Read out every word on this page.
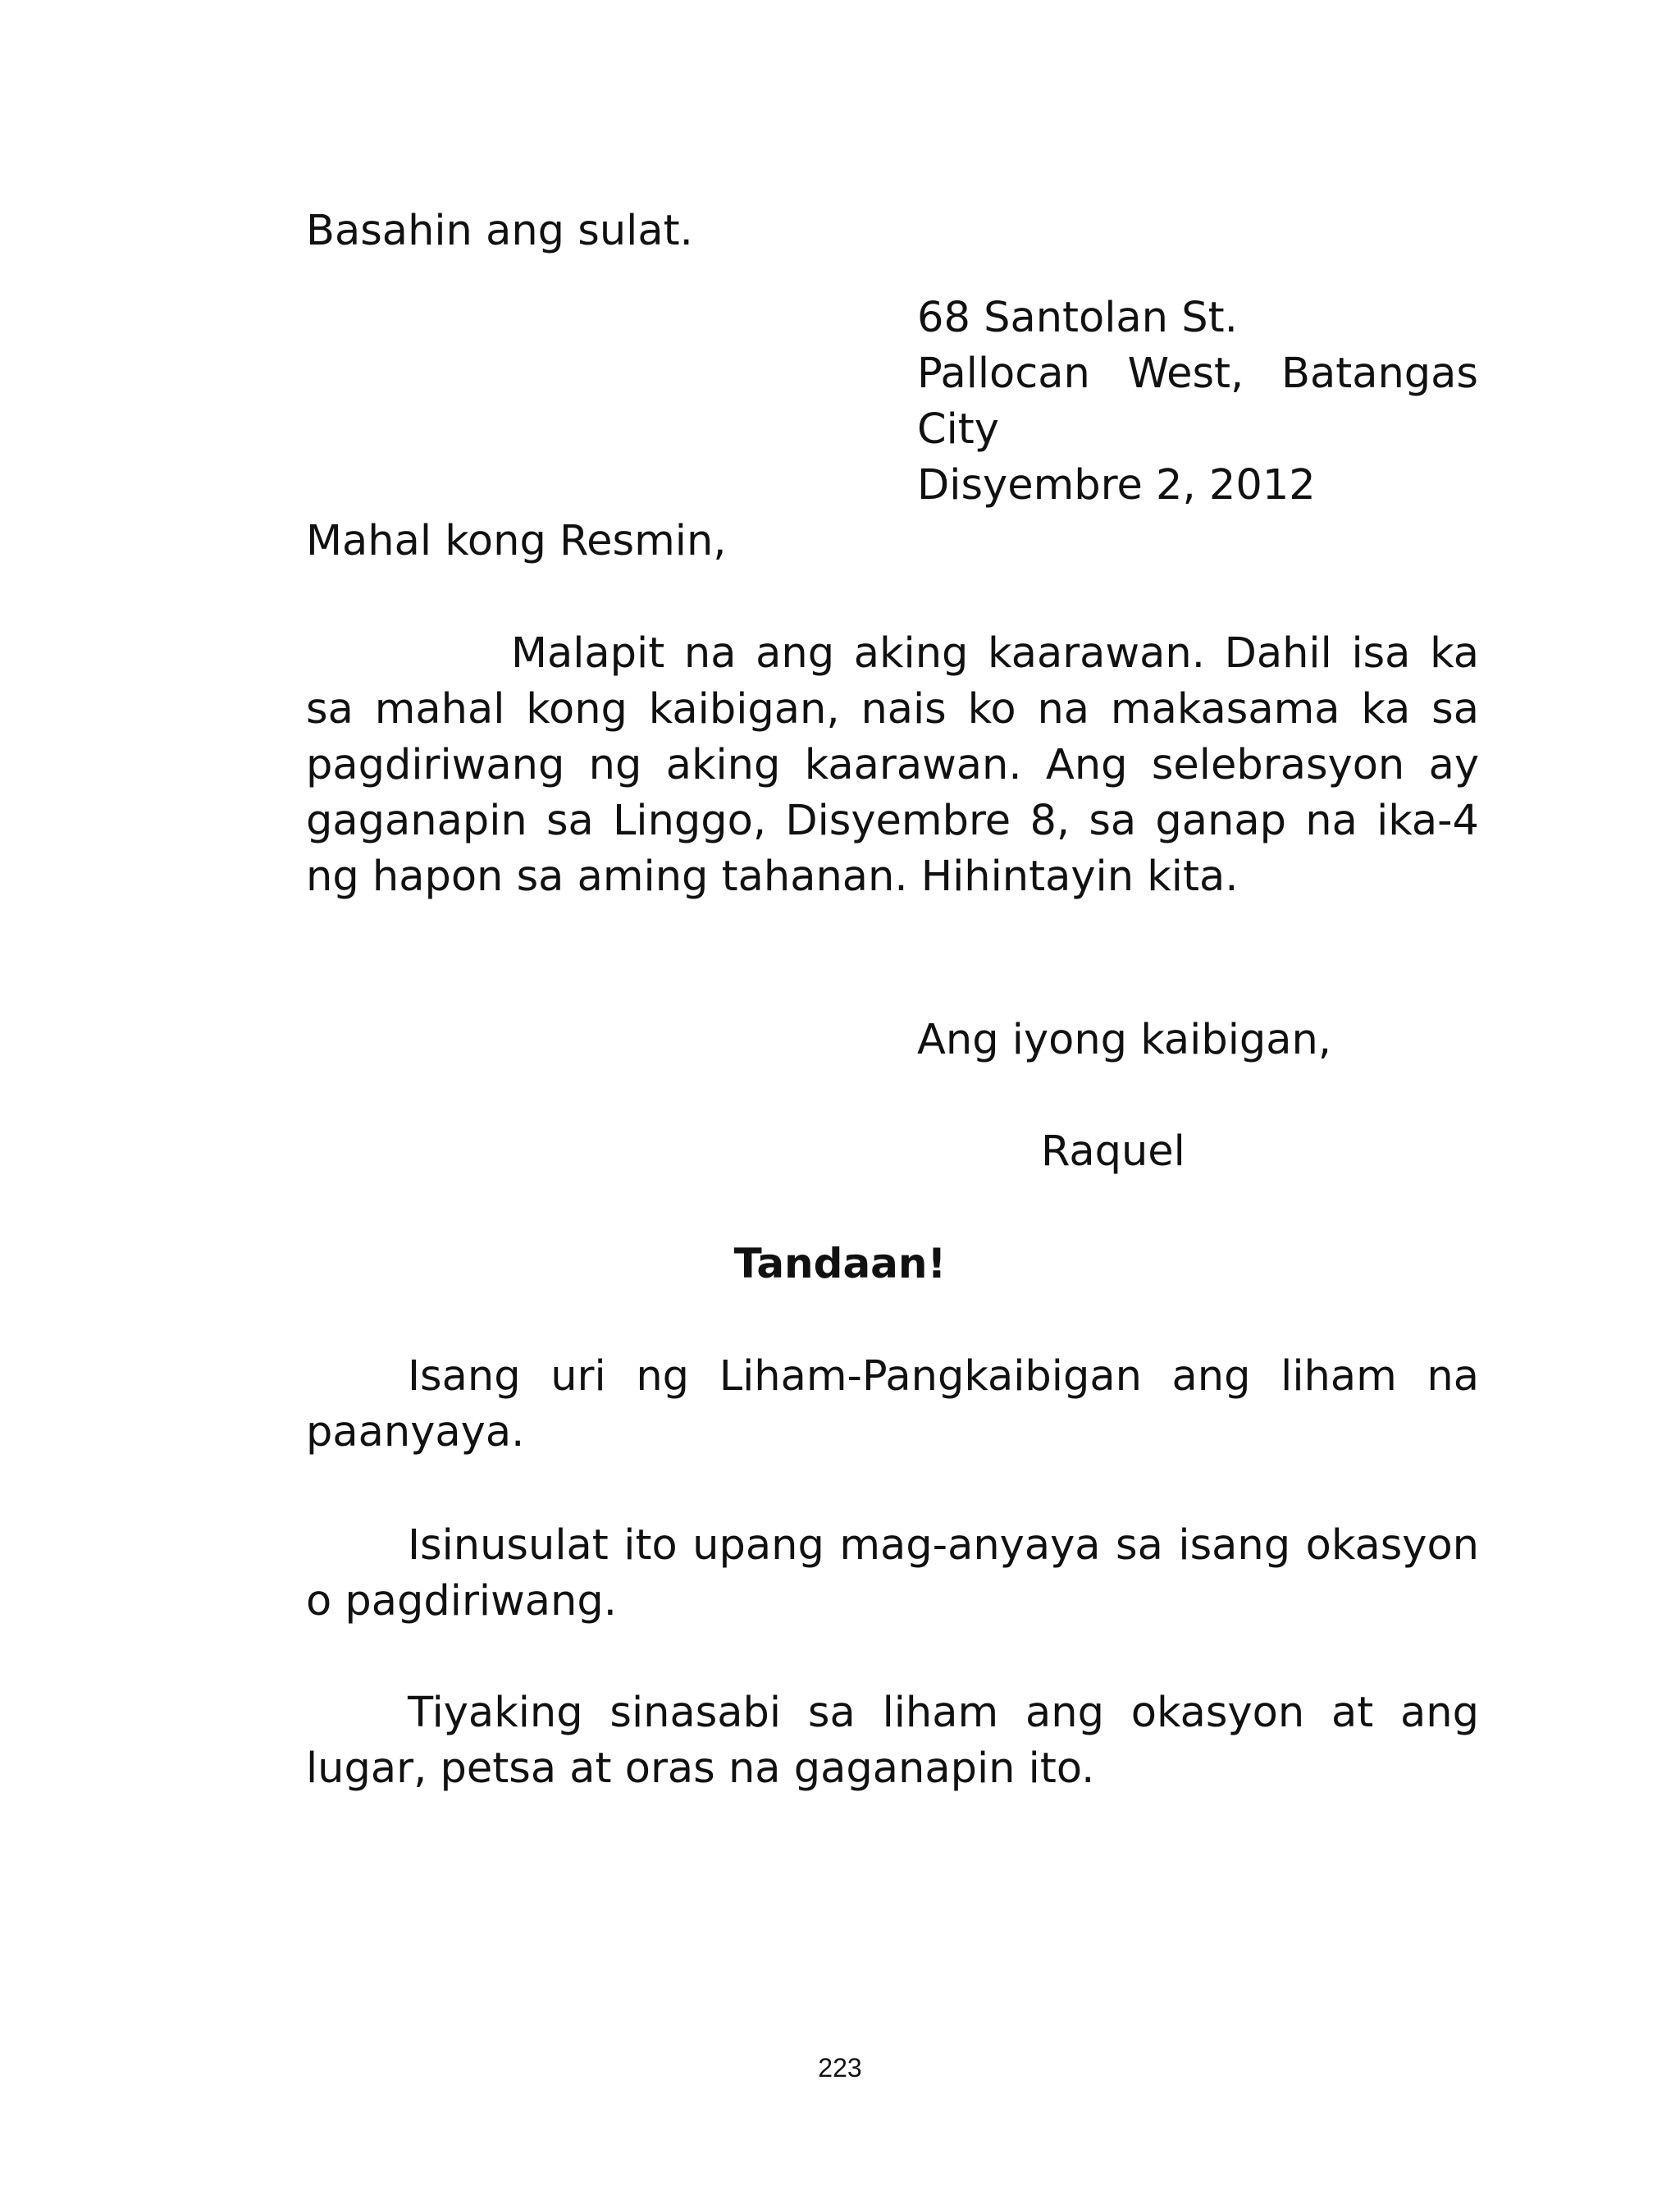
Basahin ang sulat.
68 Santolan St.
Pallocan West, Batangas
City
Disyembre 2, 2012
Mahal kong Resmin,
Malapit na ang aking kaarawan. Dahil isa ka sa mahal kong kaibigan, nais ko na makasama ka sa pagdiriwang ng aking kaarawan. Ang selebrasyon ay gaganapin sa Linggo, Disyembre 8, sa ganap na ika-4 ng hapon sa aming tahanan. Hihintayin kita.
Ang iyong kaibigan,
Raquel
Tandaan!
Isang uri ng Liham-Pangkaibigan ang liham na paanyaya.
Isinusulat ito upang mag-anyaya sa isang okasyon o pagdiriwang.
Tiyaking sinasabi sa liham ang okasyon at ang lugar, petsa at oras na gaganapin ito.
223
